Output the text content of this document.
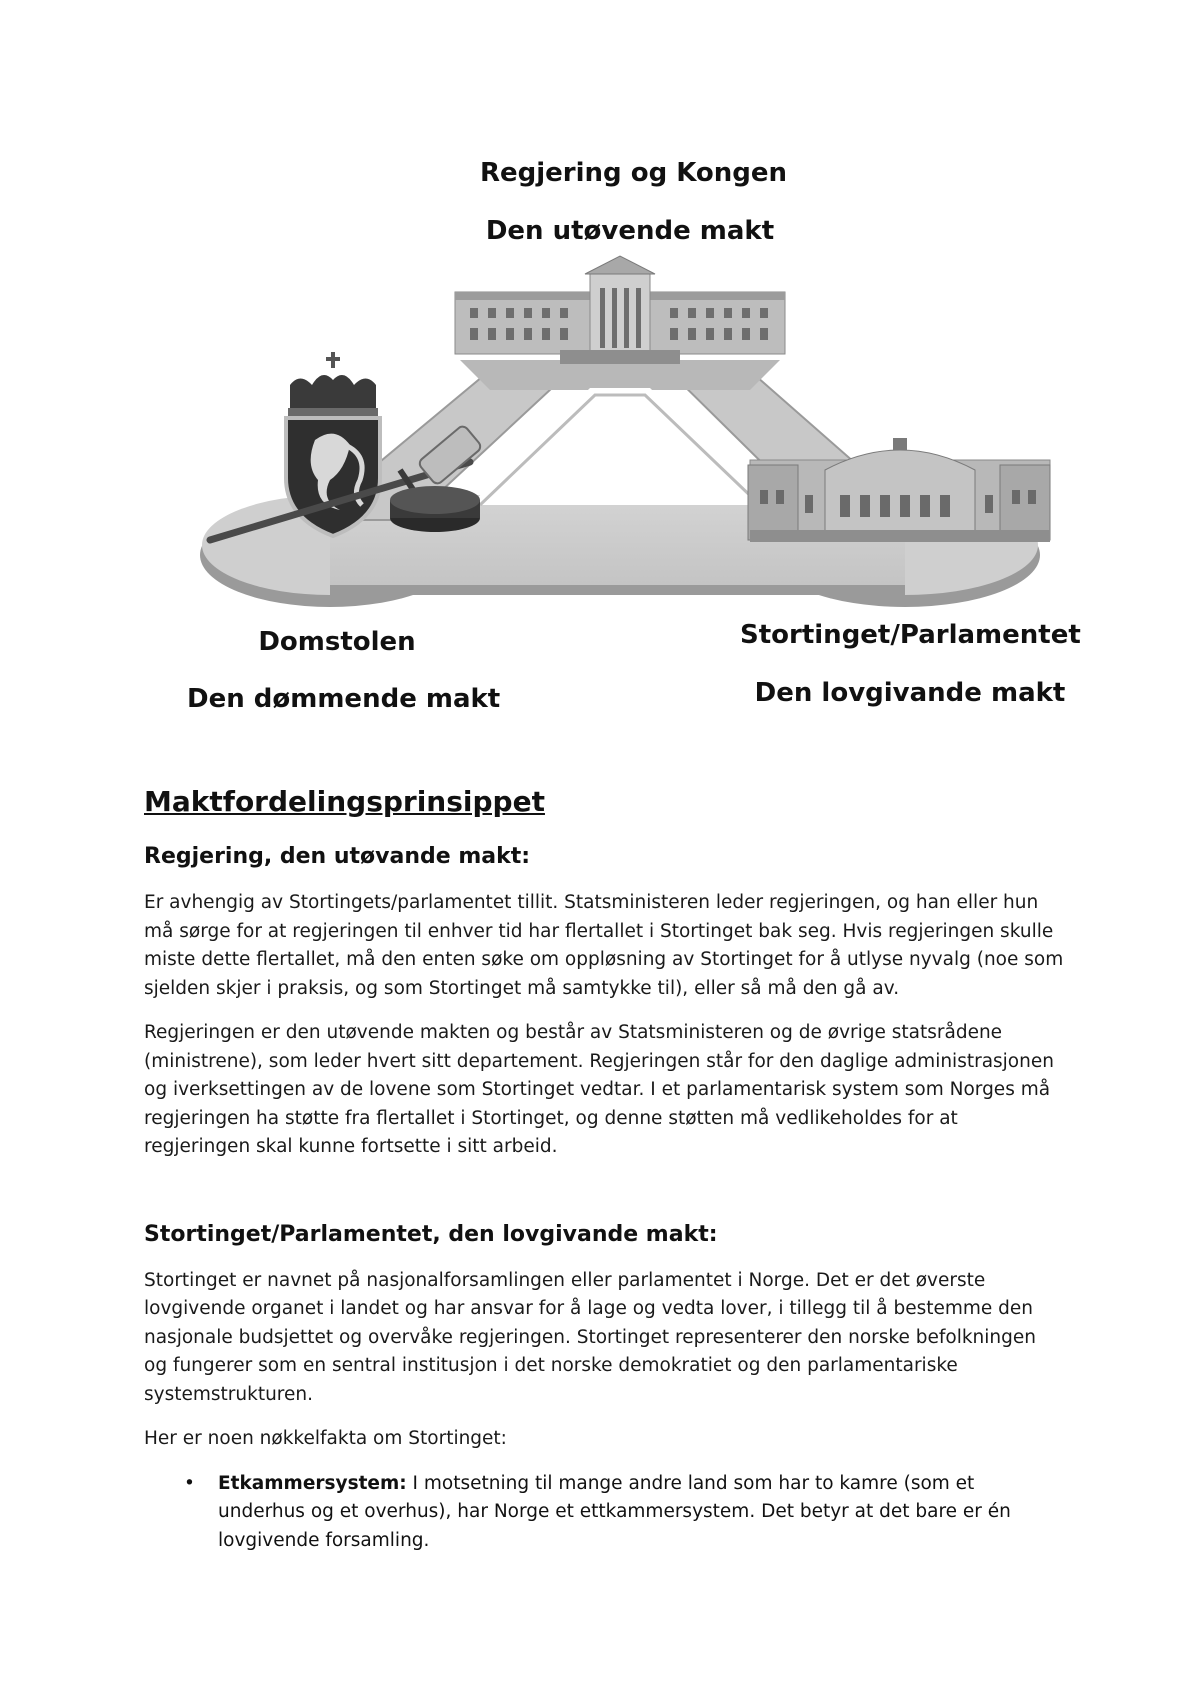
Regjering og Kongen
Den utøvende makt
Domstolen
Den dømmende makt
Stortinget/Parlamentet
Den lovgivande makt
Maktfordelingsprinsippet
Regjering, den utøvande makt:

Er avhengig av Stortingets/parlamentet tillit. Statsministeren leder regjeringen, og han eller hun må sørge for at regjeringen til enhver tid har flertallet i Stortinget bak seg. Hvis regjeringen skulle miste dette flertallet, må den enten søke om oppløsning av Stortinget for å utlyse nyvalg (noe som sjelden skjer i praksis, og som Stortinget må samtykke til), eller så må den gå av.

Regjeringen er den utøvende makten og består av Statsministeren og de øvrige statsrådene (ministrene), som leder hvert sitt departement. Regjeringen står for den daglige administrasjonen og iverksettingen av de lovene som Stortinget vedtar. I et parlamentarisk system som Norges må regjeringen ha støtte fra flertallet i Stortinget, og denne støtten må vedlikeholdes for at regjeringen skal kunne fortsette i sitt arbeid.

Stortinget/Parlamentet, den lovgivande makt:

Stortinget er navnet på nasjonalforsamlingen eller parlamentet i Norge. Det er det øverste lovgivende organet i landet og har ansvar for å lage og vedta lover, i tillegg til å bestemme den nasjonale budsjettet og overvåke regjeringen. Stortinget representerer den norske befolkningen og fungerer som en sentral institusjon i det norske demokratiet og den parlamentariske systemstrukturen.

Her er noen nøkkelfakta om Stortinget:

• Etkammersystem: I motsetning til mange andre land som har to kamre (som et underhus og et overhus), har Norge et ettkammersystem. Det betyr at det bare er én lovgivende forsamling.
